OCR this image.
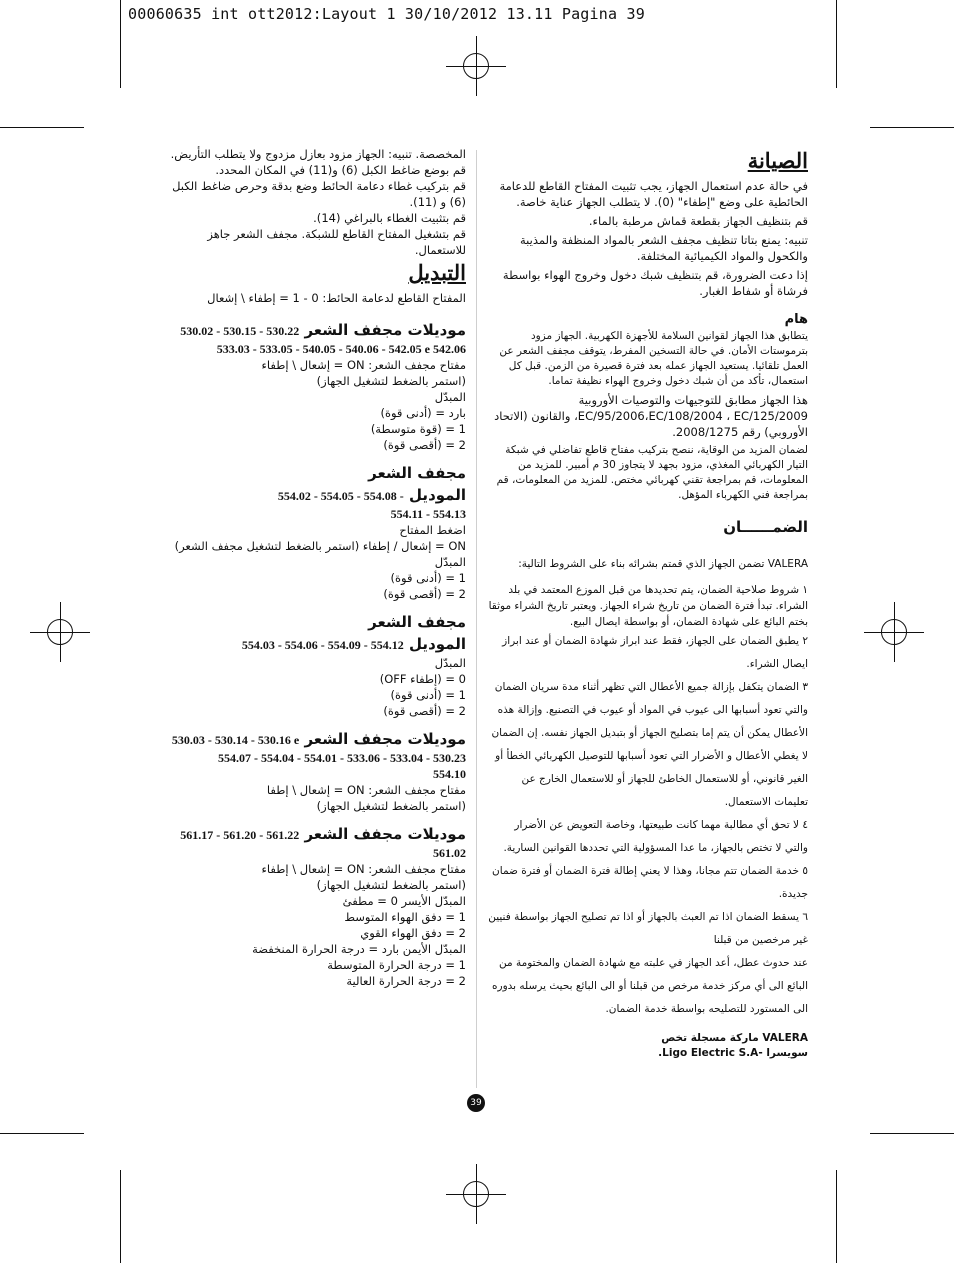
00060635 int ott2012:Layout 1 30/10/2012 13.11 Pagina 39
الصيانة

في حالة عدم استعمال الجهاز، يجب تثبيت المفتاح القاطع للدعامة الحائطية على وضع "إطفاء" (0). لا يتطلب الجهاز عناية خاصة.

قم بتنظيف الجهاز بقطعة قماش مرطبة بالماء.

تنبيه: يمنع بتاتا تنظيف مجفف الشعر بالمواد المنظفة والمذيبة والكحول والمواد الكيميائية المختلفة.

إذا دعت الضرورة، قم بتنظيف شبك دخول وخروج الهواء بواسطة فرشاة أو شفاط الغبار.

هام

يتطابق هذا الجهاز لقوانين السلامة للأجهزة الكهربية. الجهاز مزود بترموستات الأمان. في حالة التسخين المفرط، يتوقف مجفف الشعر عن العمل تلقائيا. يستعيد الجهاز عمله بعد فترة قصيرة من الزمن. قبل كل استعمال، تأكد من أن شبك دخول وخروج الهواء نظيفة تماما.

هذا الجهاز مطابق للتوجيهات والتوصيات الأوروبية EC/95/2006،EC/108/2004 ، EC/125/2009، والقانون (الاتحاد الأوروبي) رقم 2008/1275.

لضمان المزيد من الوقاية، ننصح بتركيب مفتاح قاطع تفاضلي في شبكة التيار الكهربائي المغذي، مزود بجهد لا يتجاوز 30 م أمبير. للمزيد من المعلومات، قم بمراجعة تقني كهربائي مختص. للمزيد من المعلومات، قم بمراجعة فني الكهرباء المؤهل.

الضمــــــان

VALERA تضمن الجهاز الذي قمتم بشرائه بناء على الشروط التالية:

١ شروط صلاحية الضمان، يتم تحديدها من قبل الموزع المعتمد في بلد الشراء. تبدأ فترة الضمان من تاريخ شراء الجهاز. ويعتبر تاريخ الشراء موثقا بختم البائع على شهادة الضمان، أو بواسطة ايصال البيع.

٢ يطبق الضمان على الجهاز، فقط عند ابراز شهادة الضمان أو عند ابراز ايصال الشراء.

٣ الضمان يتكفل بإزالة جميع الأعطال التي تظهر أثناء مدة سريان الضمان والتي تعود أسبابها الى عيوب في المواد أو عيوب في التصنيع. وإزالة هذه الأعطال يمكن أن يتم إما بتصليح الجهاز أو بتبديل الجهاز نفسه. إن الضمان لا يغطي الأعطال و الأضرار التي تعود أسبابها للتوصيل الكهربائي الخطأ أو الغير قانوني، أو للاستعمال الخاطئ للجهاز أو للاستعمال الخارج عن تعليمات الاستعمال.

٤ لا تحق أي مطالبة مهما كانت طبيعتها، وخاصة التعويض عن الأضرار والتي لا تختص بالجهاز، ما عدا المسؤولية التي تحددها القوانين السارية.

٥ خدمة الضمان تتم مجانا، وهذا لا يعني إطالة فترة الضمان أو فترة ضمان جديدة.

٦ يسقط الضمان اذا تم العبث بالجهاز أو اذا تم تصليح الجهاز بواسطة فنيين غير مرخصين من قبلنا

عند حدوث عطل، أعد الجهاز في علبته مع شهادة الضمان والمختومة من البائع الى أي مركز خدمة مرخص من قبلنا أو الى البائع بحيث يرسله بدوره الى المستورد للتصليحه بواسطة خدمة الضمان.

VALERA ماركة مسجلة تخص

سويسرا -Ligo Electric S.A.

المخصصة. تنبيه: الجهاز مزود بعازل مزدوج ولا يتطلب التأريض.

قم بوضع ضاغط الكبل (6) و(11) في المكان المحدد.

قم بتركيب غطاء دعامة الحائط وضع بدقة وحرص ضاغط الكبل (6) و (11).

قم بتثبيت الغطاء بالبراغي (14).

قم بتشغيل المفتاح القاطع للشبكة. مجفف الشعر جاهز للاستعمال.

التبديل

المفتاح القاطع لدعامة الحائط: 0 - 1 = إطفاء \ إشعال

موديلات مجفف الشعر 530.02 - 530.15 - 530.22

533.03 - 533.05 - 540.05 - 540.06 - 542.05 e 542.06

مفتاح مجفف الشعر: ON = إشعال \ إطفاء

(استمر بالضغط لتشغيل الجهاز)

المبدّل

بارد = (أدنى قوة)

1 = (قوة متوسطة)

2 = (أقصى قوة)

مجفف الشعر
الموديل 554.02 - 554.05 - 554.08 -

554.11 - 554.13

اضغط المفتاح

ON = إشعال / إطفاء (استمر بالضغط لتشغيل مجفف الشعر)

المبدّل

1 = (أدنى قوة)

2 = (أقصى قوة)

مجفف الشعر
الموديل 554.03 - 554.06 - 554.09 - 554.12

المبدّل

0 = (إطفاء OFF)

1 = (أدنى قوة)

2 = (أقصى قوة)

موديلات مجفف الشعر 530.03 - 530.14 - 530.16 e

554.07 - 554.04 - 554.01 - 533.06 - 533.04 - 530.23

554.10

مفتاح مجفف الشعر: ON = إشعال \ إطفا

(استمر بالضغط لتشغيل الجهاز)

موديلات مجفف الشعر 561.17 - 561.20 - 561.22

561.02

مفتاح مجفف الشعر: ON = إشعال \ إطفاء

(استمر بالضغط لتشغيل الجهاز)

المبدّل الأيسر 0 = مطفئ

1 = دفق الهواء المتوسط

2 = دفق الهواء القوي

المبدّل الأيمن بارد = درجة الحرارة المنخفضة

1 = درجة الحرارة المتوسطة

2 = درجة الحرارة العالية

39
